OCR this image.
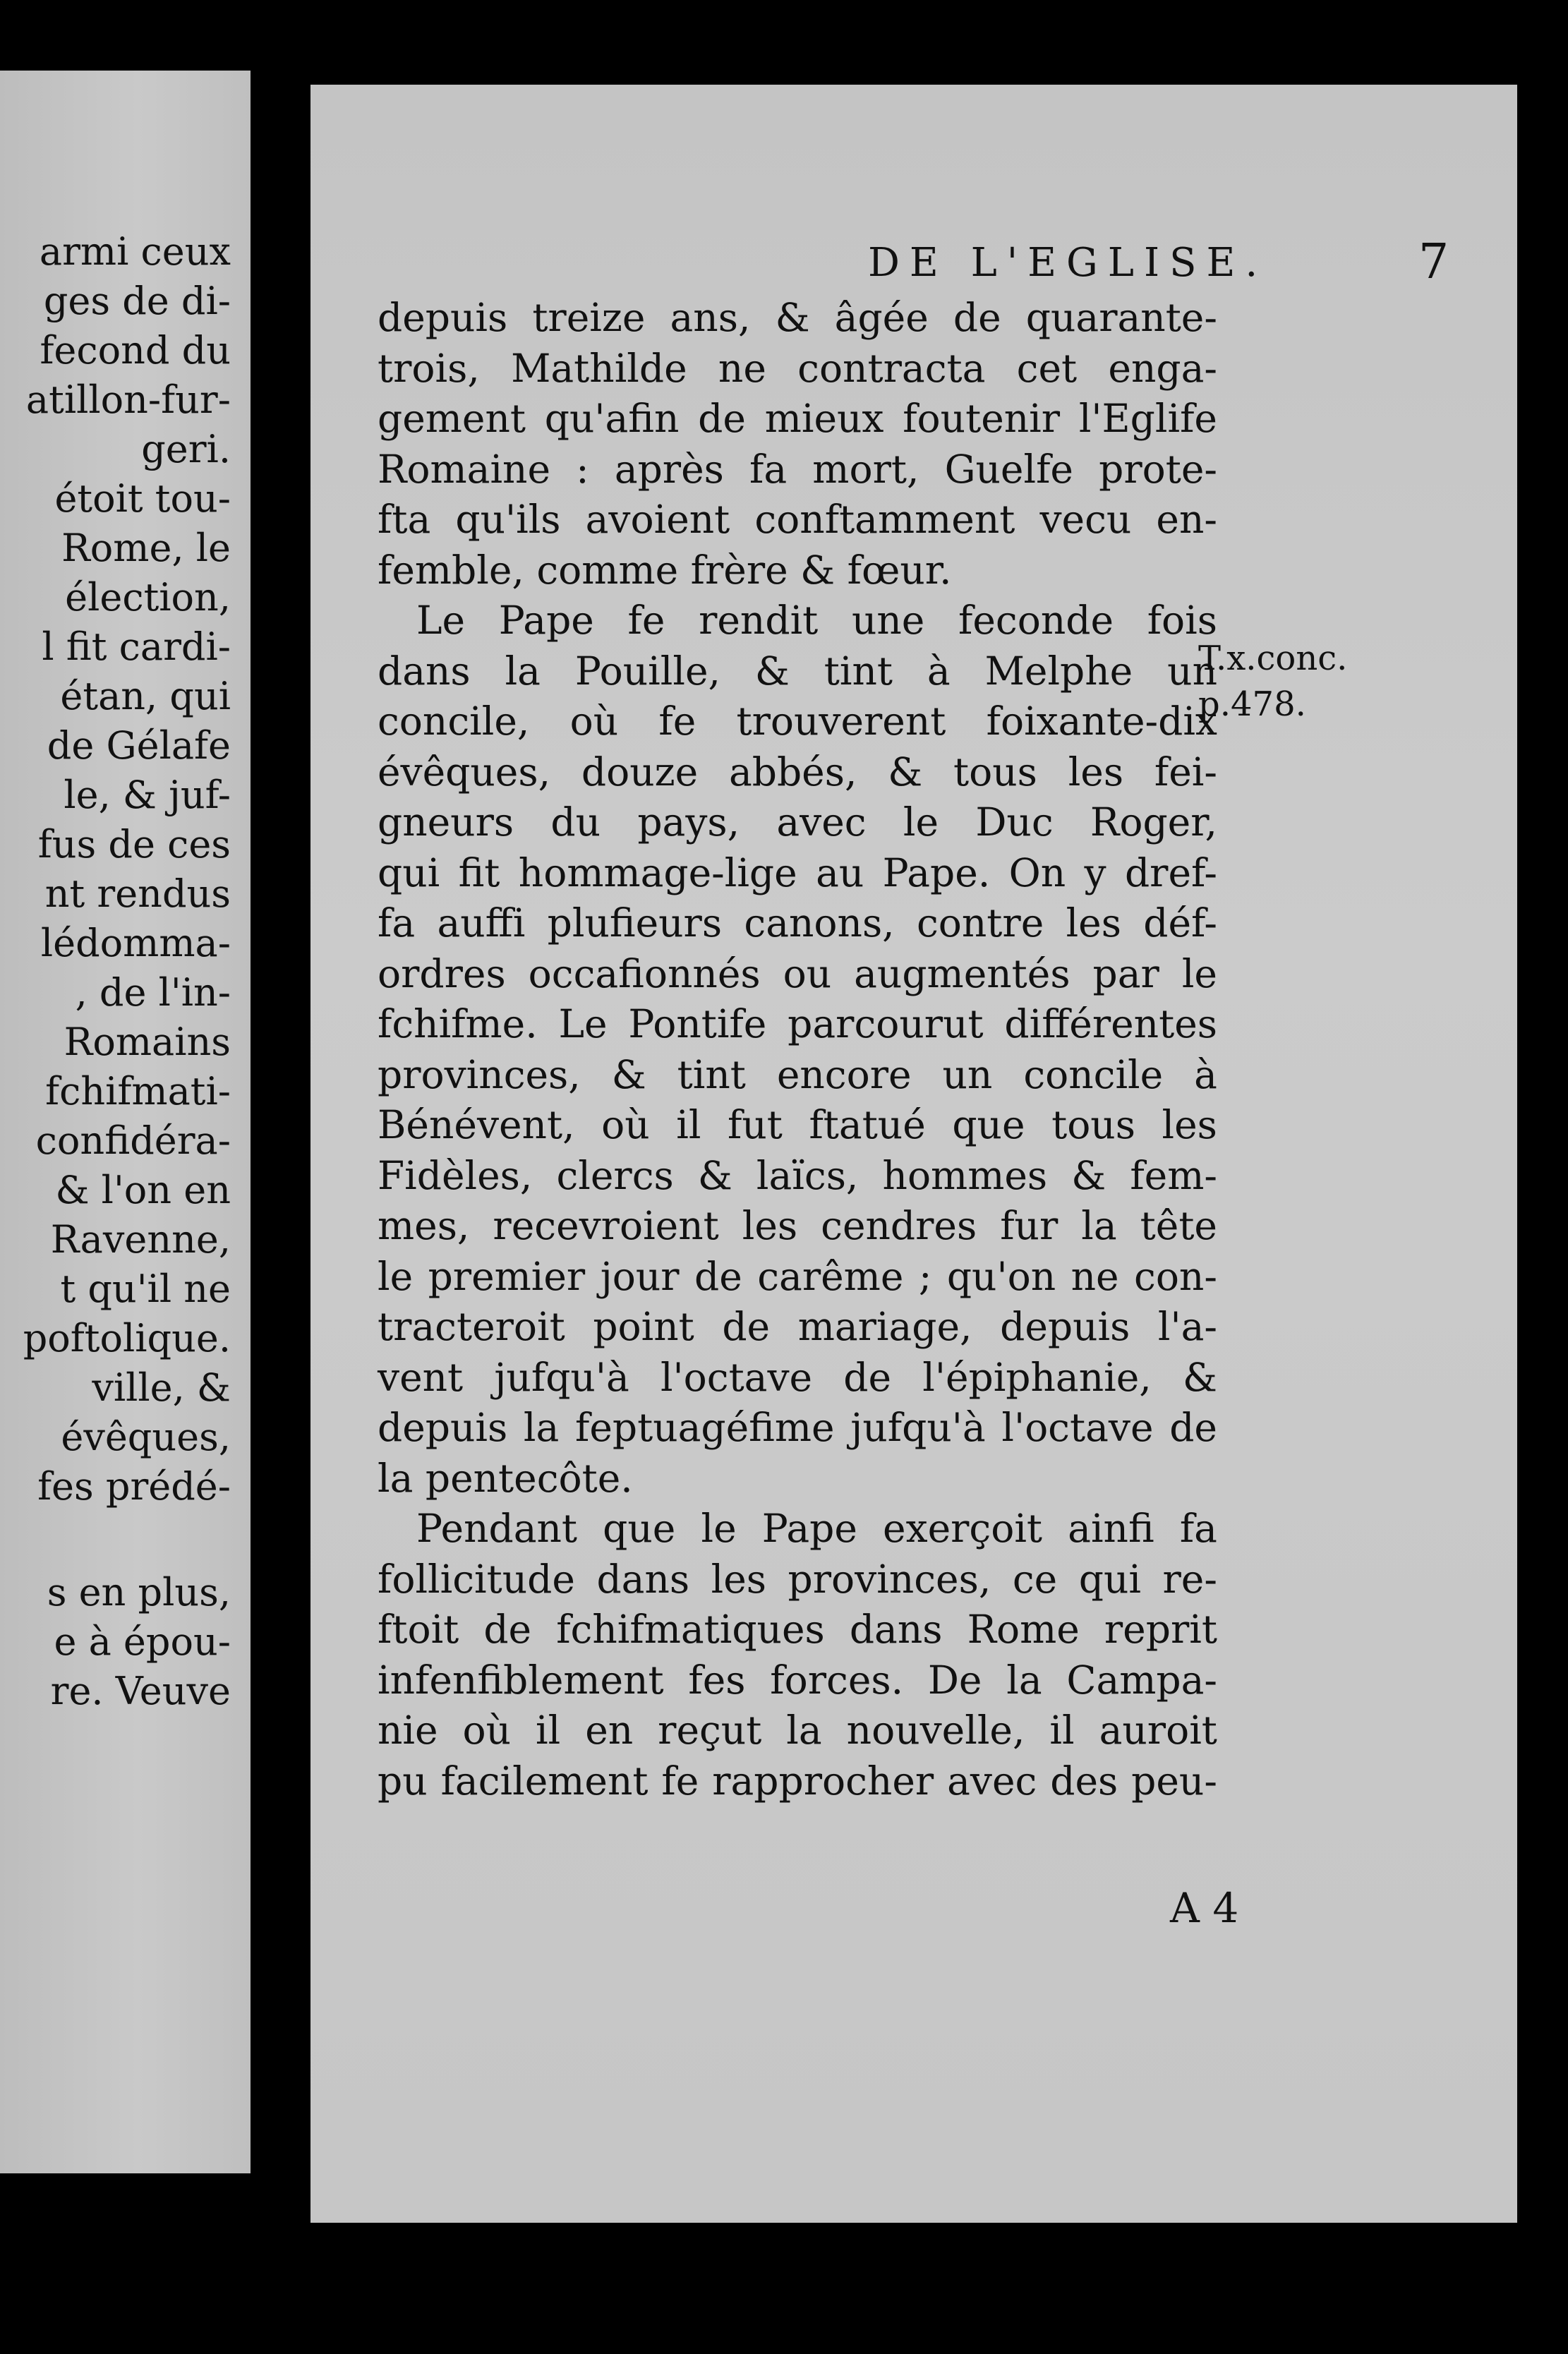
armi ceux
ges de di-
fecond du
atillon-fur-
geri.
étoit tou-
Rome, le
élection,
l fit cardi-
étan, qui
de Gélafe
le, & juf-
fus de ces
nt rendus
lédomma-
, de l'in-
Romains
fchifmati-
confidéra-
& l'on en
Ravenne,
t qu'il ne
poftolique.
ville, &
évêques,
fes prédé-
s en plus,
e à épou-
re. Veuve
DE L'EGLISE.	7
depuis treize ans, & âgée de quarante-
trois, Mathilde ne contracta cet enga-
gement qu'afin de mieux foutenir l'Eglife
Romaine : après fa mort, Guelfe prote-
fta qu'ils avoient conftamment vecu en-
femble, comme frère & fœur.
Le Pape fe rendit une feconde fois
dans la Pouille, & tint à Melphe un
concile, où fe trouverent foixante-dix
évêques, douze abbés, & tous les fei-
gneurs du pays, avec le Duc Roger,
qui fit hommage-lige au Pape. On y dref-
fa auffi plufieurs canons, contre les déf-
ordres occafionnés ou augmentés par le
fchifme. Le Pontife parcourut différentes
provinces, & tint encore un concile à
Bénévent, où il fut ftatué que tous les
Fidèles, clercs & laïcs, hommes & fem-
mes, recevroient les cendres fur la tête
le premier jour de carême ; qu'on ne con-
tracteroit point de mariage, depuis l'a-
vent jufqu'à l'octave de l'épiphanie, &
depuis la feptuagéfime jufqu'à l'octave de
la pentecôte.
Pendant que le Pape exerçoit ainfi fa
follicitude dans les provinces, ce qui re-
ftoit de fchifmatiques dans Rome reprit
infenfiblement fes forces. De la Campa-
nie où il en reçut la nouvelle, il auroit
pu facilement fe rapprocher avec des peu-
T.x.conc.
p.478.
A 4
